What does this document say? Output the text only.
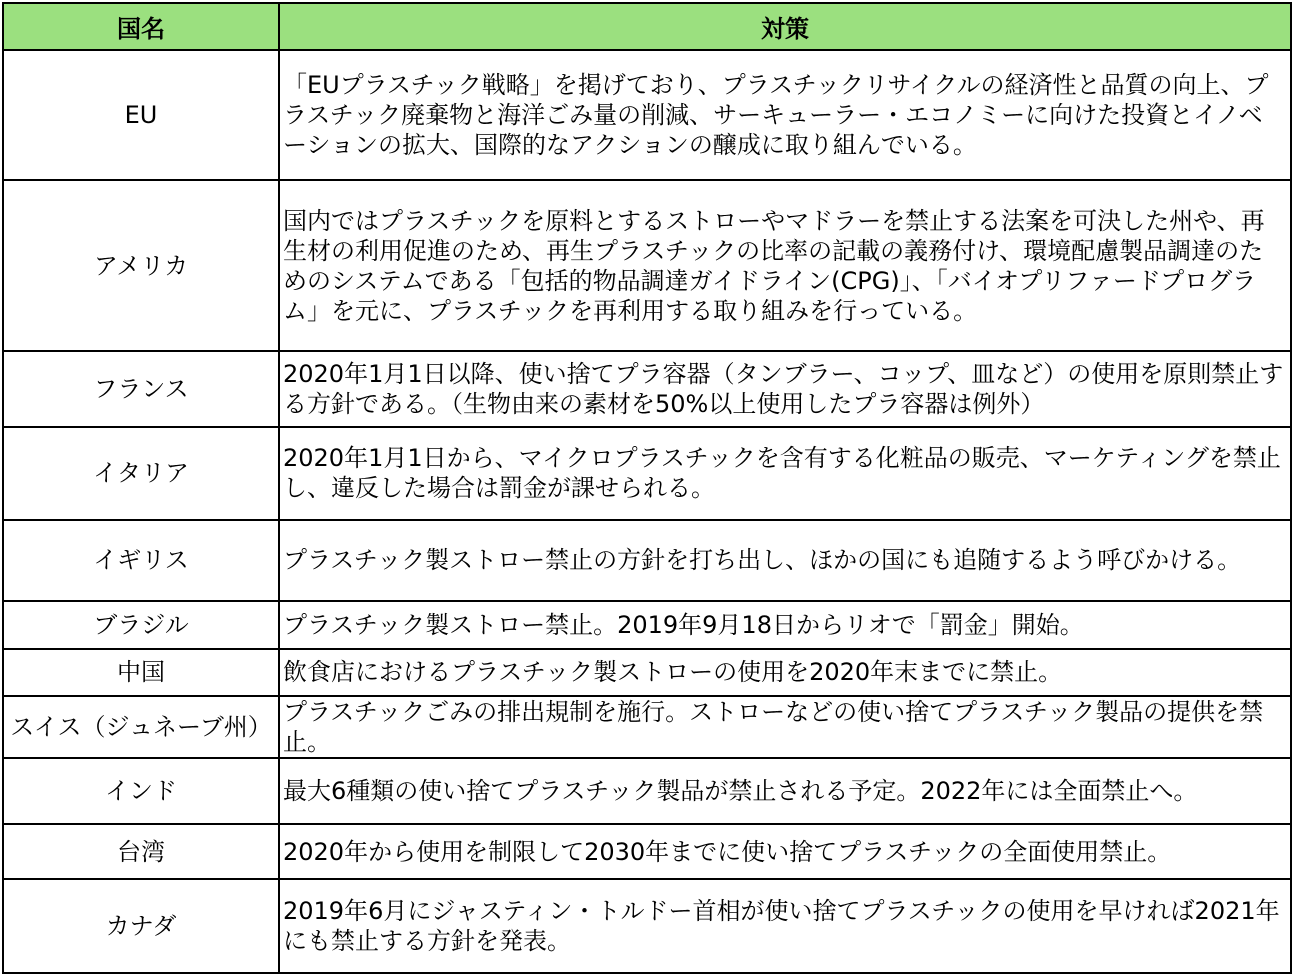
国名	対策
EU	「EUプラスチック戦略」を掲げており、プラスチックリサイクルの経済性と品質の向上、プラスチック廃棄物と海洋ごみ量の削減、サーキューラー・エコノミーに向けた投資とイノベーションの拡大、国際的なアクションの醸成に取り組んでいる。
アメリカ	国内ではプラスチックを原料とするストローやマドラーを禁止する法案を可決した州や、再生材の利用促進のため、再生プラスチックの比率の記載の義務付け、環境配慮製品調達のためのシステムである「包括的物品調達ガイドライン(CPG)」、「バイオプリファードプログラム」を元に、プラスチックを再利用する取り組みを行っている。
フランス	2020年1月1日以降、使い捨てプラ容器（タンブラー、コップ、皿など）の使用を原則禁止する方針である。（生物由来の素材を50%以上使用したプラ容器は例外）
イタリア	2020年1月1日から、マイクロプラスチックを含有する化粧品の販売、マーケティングを禁止し、違反した場合は罰金が課せられる。
イギリス	プラスチック製ストロー禁止の方針を打ち出し、ほかの国にも追随するよう呼びかける。
ブラジル	プラスチック製ストロー禁止。2019年9月18日からリオで「罰金」開始。
中国	飲食店におけるプラスチック製ストローの使用を2020年末までに禁止。
スイス（ジュネーブ州）	プラスチックごみの排出規制を施行。ストローなどの使い捨てプラスチック製品の提供を禁止。
インド	最大6種類の使い捨てプラスチック製品が禁止される予定。2022年には全面禁止へ。
台湾	2020年から使用を制限して2030年までに使い捨てプラスチックの全面使用禁止。
カナダ	2019年6月にジャスティン・トルドー首相が使い捨てプラスチックの使用を早ければ2021年にも禁止する方針を発表。
